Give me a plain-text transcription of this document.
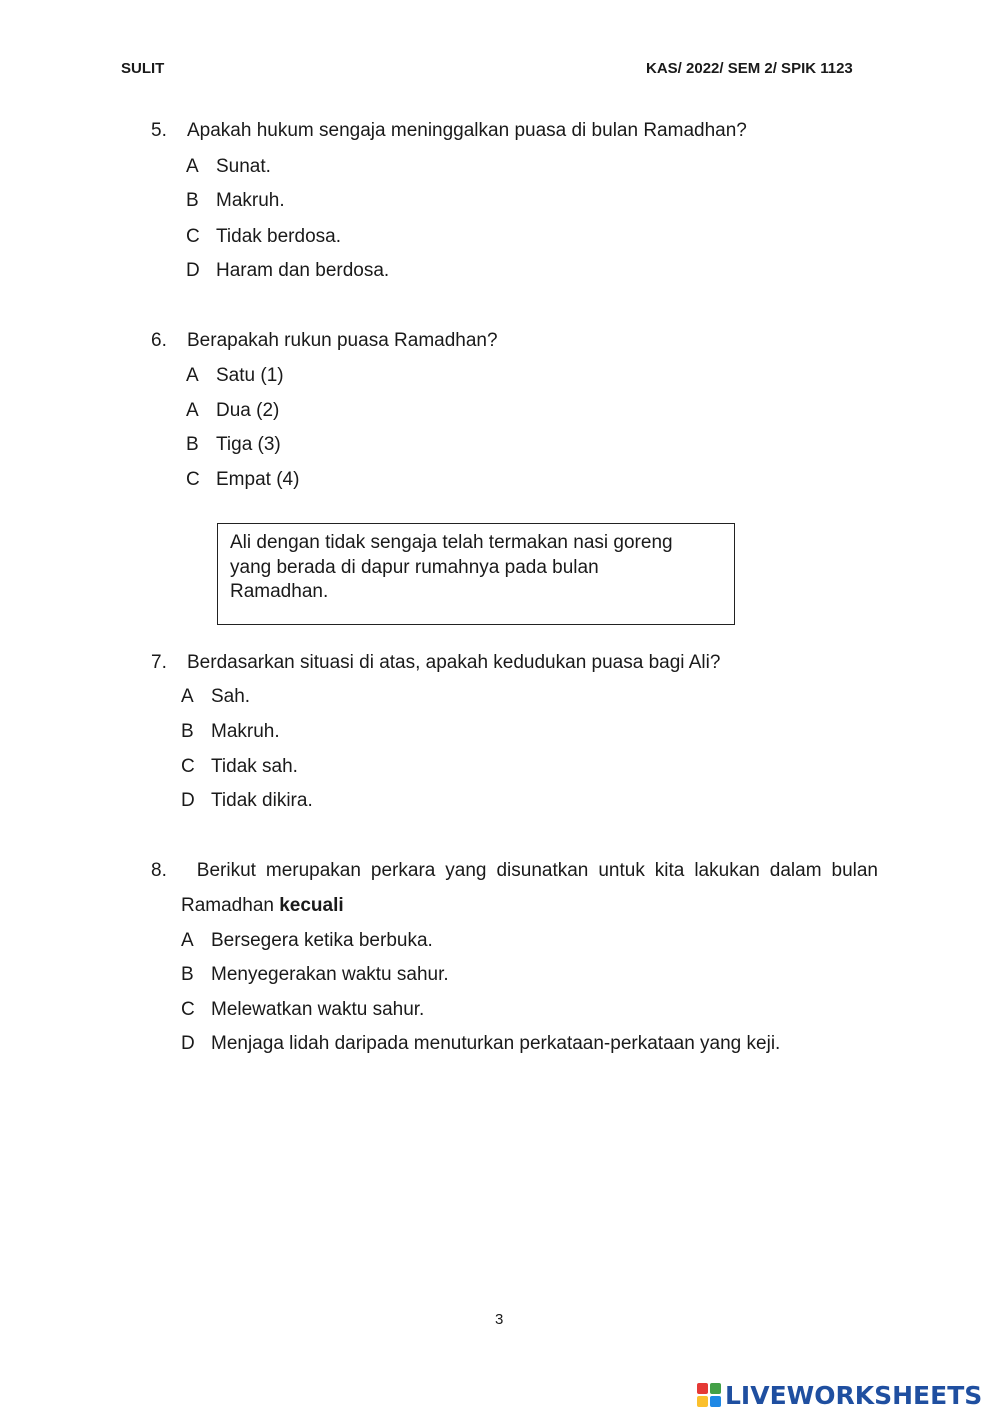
SULIT	KAS/ 2022/ SEM 2/ SPIK 1123
5. Apakah hukum sengaja meninggalkan puasa di bulan Ramadhan?
A Sunat.
B Makruh.
C Tidak berdosa.
D Haram dan berdosa.
6. Berapakah rukun puasa Ramadhan?
A Satu (1)
A Dua (2)
B Tiga (3)
C Empat (4)
Ali dengan tidak sengaja telah termakan nasi goreng
yang berada di dapur rumahnya pada bulan
Ramadhan.
7. Berdasarkan situasi di atas, apakah kedudukan puasa bagi Ali?
A Sah.
B Makruh.
C Tidak sah.
D Tidak dikira.
8. Berikut merupakan perkara yang disunatkan untuk kita lakukan dalam bulan
Ramadhan kecuali
A Bersegera ketika berbuka.
B Menyegerakan waktu sahur.
C Melewatkan waktu sahur.
D Menjaga lidah daripada menuturkan perkataan-perkataan yang keji.
3
LIVEWORKSHEETS
